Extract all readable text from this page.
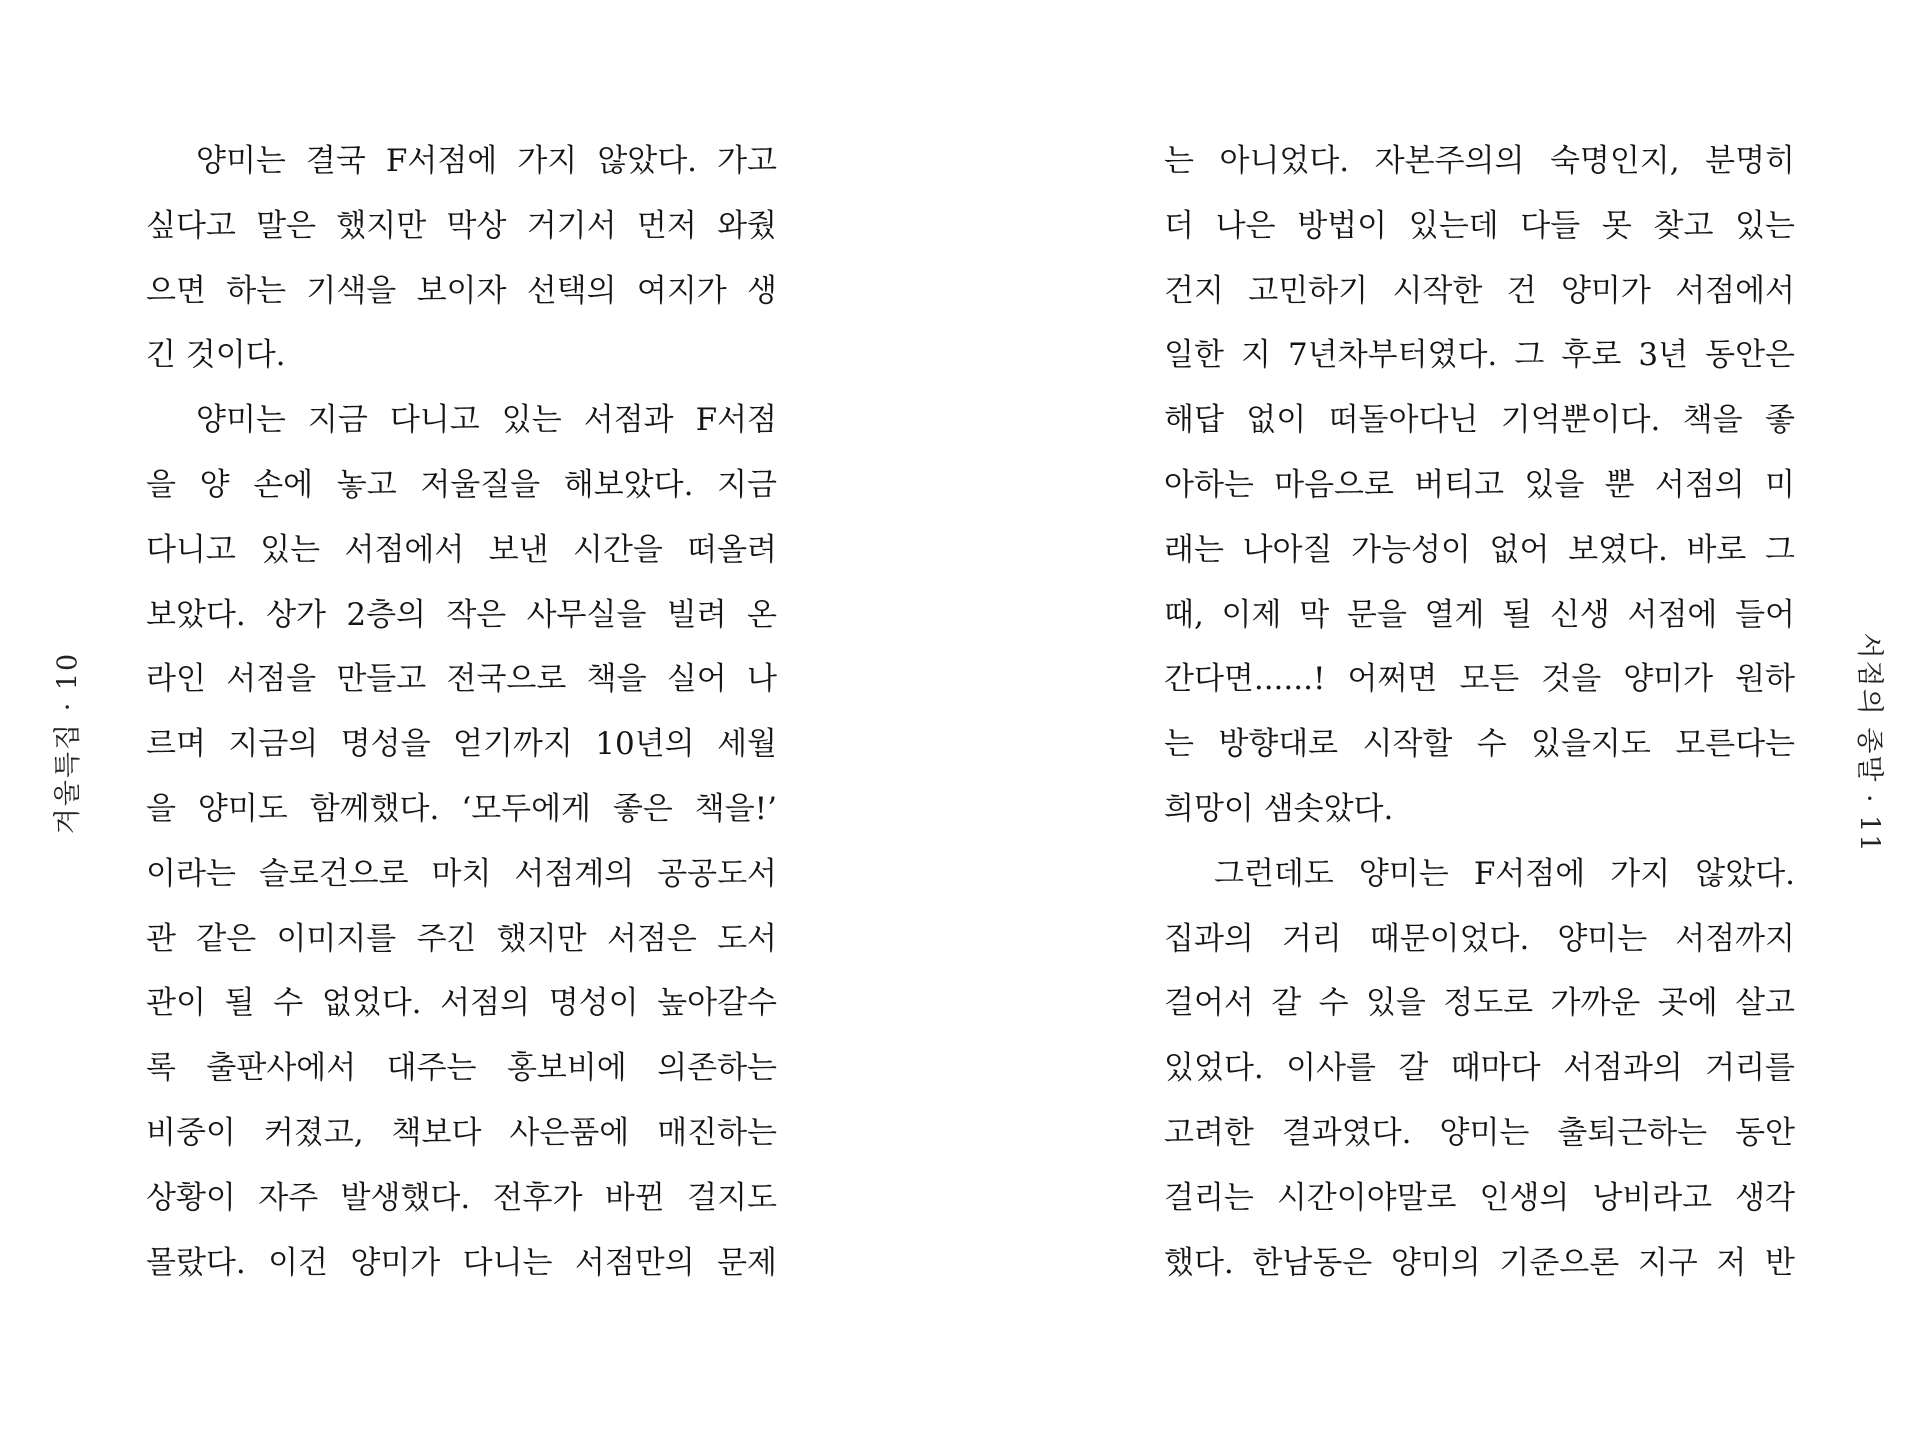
겨울특집 · 10
양미는 결국 F서점에 가지 않았다. 가고
싶다고 말은 했지만 막상 거기서 먼저 와줬
으면 하는 기색을 보이자 선택의 여지가 생
긴 것이다.
양미는 지금 다니고 있는 서점과 F서점
을 양 손에 놓고 저울질을 해보았다. 지금
다니고 있는 서점에서 보낸 시간을 떠올려
보았다. 상가 2층의 작은 사무실을 빌려 온
라인 서점을 만들고 전국으로 책을 실어 나
르며 지금의 명성을 얻기까지 10년의 세월
을 양미도 함께했다. ‘모두에게 좋은 책을!’
이라는 슬로건으로 마치 서점계의 공공도서
관 같은 이미지를 주긴 했지만 서점은 도서
관이 될 수 없었다. 서점의 명성이 높아갈수
록 출판사에서 대주는 홍보비에 의존하는
비중이 커졌고, 책보다 사은품에 매진하는
상황이 자주 발생했다. 전후가 바뀐 걸지도
몰랐다. 이건 양미가 다니는 서점만의 문제
서점의 종말 · 11
는 아니었다. 자본주의의 숙명인지, 분명히
더 나은 방법이 있는데 다들 못 찾고 있는
건지 고민하기 시작한 건 양미가 서점에서
일한 지 7년차부터였다. 그 후로 3년 동안은
해답 없이 떠돌아다닌 기억뿐이다. 책을 좋
아하는 마음으로 버티고 있을 뿐 서점의 미
래는 나아질 가능성이 없어 보였다. 바로 그
때, 이제 막 문을 열게 될 신생 서점에 들어
간다면......! 어쩌면 모든 것을 양미가 원하
는 방향대로 시작할 수 있을지도 모른다는
희망이 샘솟았다.
그런데도 양미는 F서점에 가지 않았다.
집과의 거리 때문이었다. 양미는 서점까지
걸어서 갈 수 있을 정도로 가까운 곳에 살고
있었다. 이사를 갈 때마다 서점과의 거리를
고려한 결과였다. 양미는 출퇴근하는 동안
걸리는 시간이야말로 인생의 낭비라고 생각
했다. 한남동은 양미의 기준으론 지구 저 반
